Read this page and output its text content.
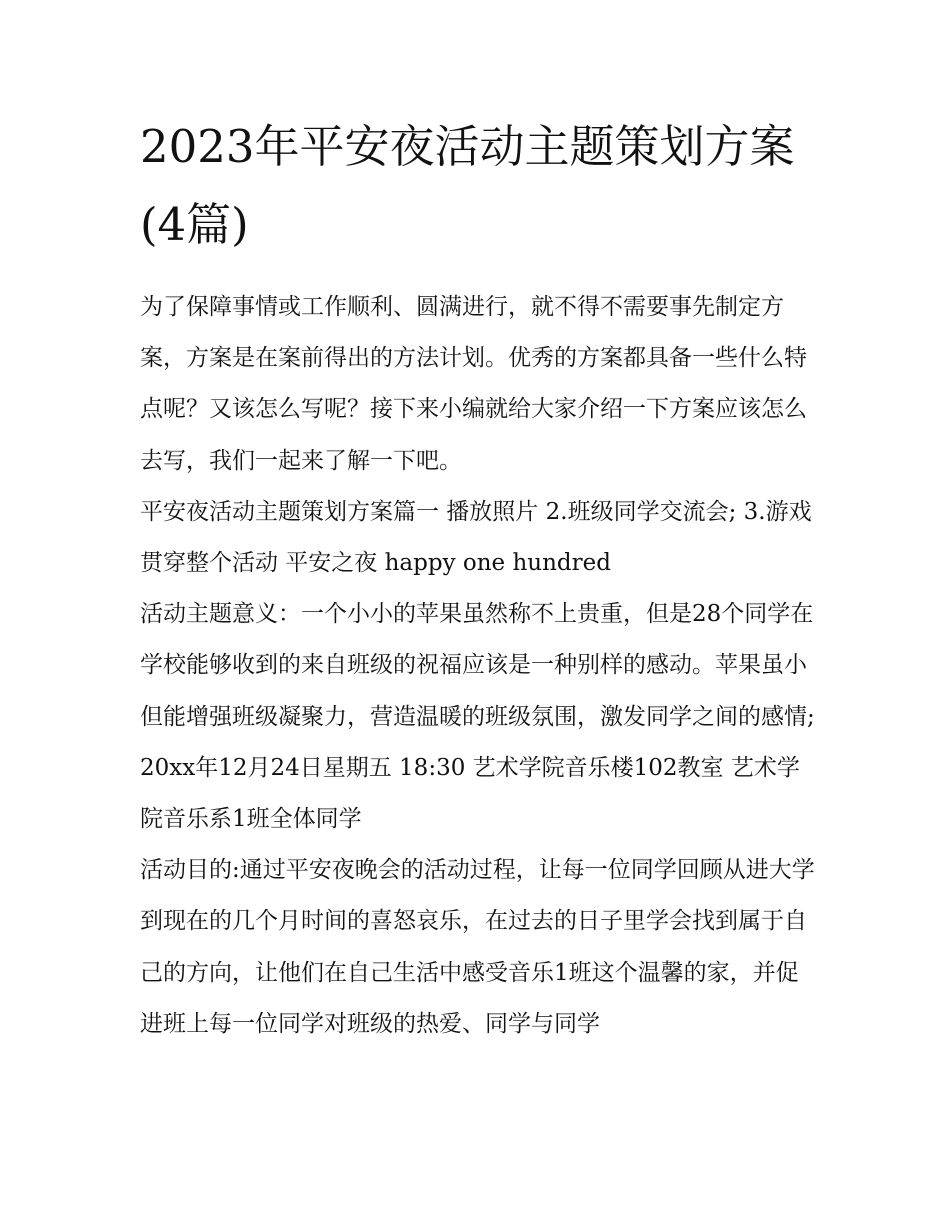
2023年平安夜活动主题策划方案(4篇)

为了保障事情或工作顺利、圆满进行，就不得不需要事先制定方案，方案是在案前得出的方法计划。优秀的方案都具备一些什么特点呢？又该怎么写呢？接下来小编就给大家介绍一下方案应该怎么去写，我们一起来了解一下吧。

平安夜活动主题策划方案篇一 播放照片 2.班级同学交流会; 3.游戏贯穿整个活动 平安之夜 happy one hundred

活动主题意义：一个小小的苹果虽然称不上贵重，但是28个同学在学校能够收到的来自班级的祝福应该是一种别样的感动。苹果虽小但能增强班级凝聚力，营造温暖的班级氛围，激发同学之间的感情;

20xx年12月24日星期五 18:30 艺术学院音乐楼102教室 艺术学院音乐系1班全体同学

活动目的:通过平安夜晚会的活动过程，让每一位同学回顾从进大学到现在的几个月时间的喜怒哀乐，在过去的日子里学会找到属于自己的方向，让他们在自己生活中感受音乐1班这个温馨的家，并促进班上每一位同学对班级的热爱、同学与同学
